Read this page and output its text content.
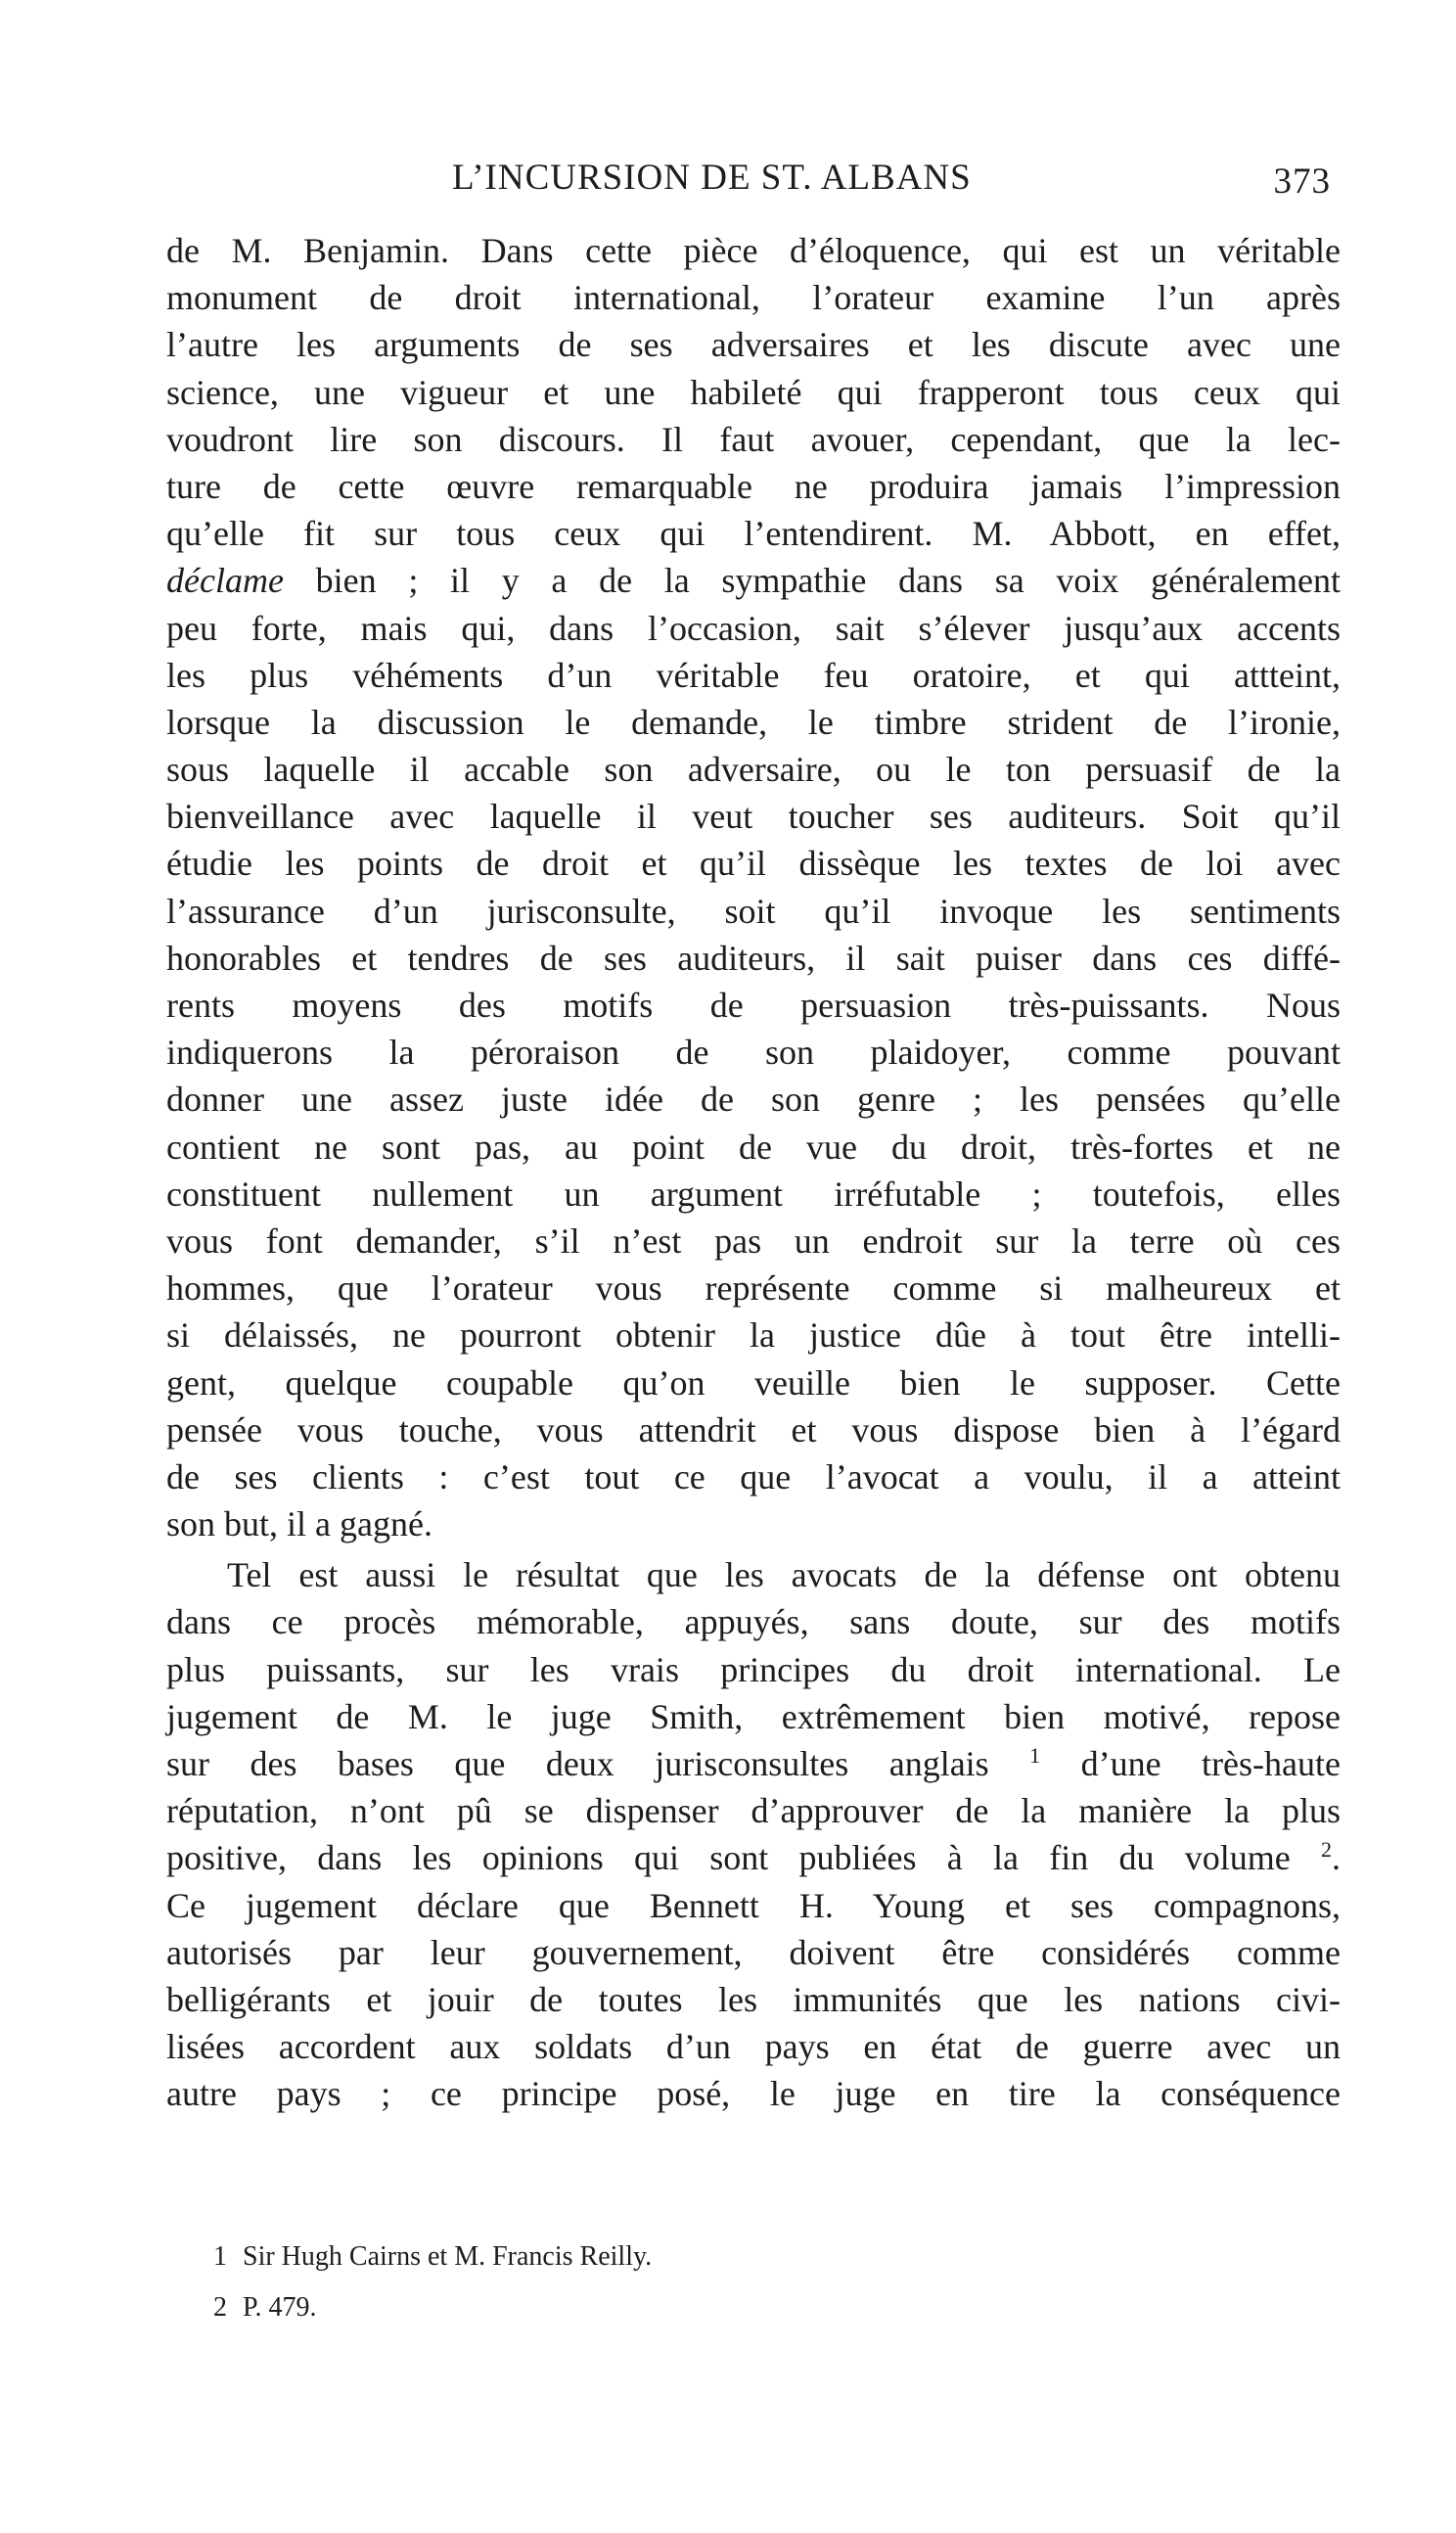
L’INCURSION DE ST. ALBANS	373
de M. Benjamin. Dans cette pièce d’éloquence, qui est un véritable
monument de droit international, l’orateur examine l’un après
l’autre les arguments de ses adversaires et les discute avec une
science, une vigueur et une habileté qui frapperont tous ceux qui
voudront lire son discours. Il faut avouer, cependant, que la lec-
ture de cette œuvre remarquable ne produira jamais l’impression
qu’elle fit sur tous ceux qui l’entendirent. M. Abbott, en effet,
déclame bien ; il y a de la sympathie dans sa voix généralement
peu forte, mais qui, dans l’occasion, sait s’élever jusqu’aux accents
les plus véhéments d’un véritable feu oratoire, et qui attteint,
lorsque la discussion le demande, le timbre strident de l’ironie,
sous laquelle il accable son adversaire, ou le ton persuasif de la
bienveillance avec laquelle il veut toucher ses auditeurs. Soit qu’il
étudie les points de droit et qu’il dissèque les textes de loi avec
l’assurance d’un jurisconsulte, soit qu’il invoque les sentiments
honorables et tendres de ses auditeurs, il sait puiser dans ces diffé-
rents moyens des motifs de persuasion très-puissants. Nous
indiquerons la péroraison de son plaidoyer, comme pouvant
donner une assez juste idée de son genre ; les pensées qu’elle
contient ne sont pas, au point de vue du droit, très-fortes et ne
constituent nullement un argument irréfutable ; toutefois, elles
vous font demander, s’il n’est pas un endroit sur la terre où ces
hommes, que l’orateur vous représente comme si malheureux et
si délaissés, ne pourront obtenir la justice dûe à tout être intelli-
gent, quelque coupable qu’on veuille bien le supposer. Cette
pensée vous touche, vous attendrit et vous dispose bien à l’égard
de ses clients : c’est tout ce que l’avocat a voulu, il a atteint
son but, il a gagné.
Tel est aussi le résultat que les avocats de la défense ont obtenu
dans ce procès mémorable, appuyés, sans doute, sur des motifs
plus puissants, sur les vrais principes du droit international. Le
jugement de M. le juge Smith, extrêmement bien motivé, repose
sur des bases que deux jurisconsultes anglais $^1$ d’une très-haute
réputation, n’ont pû se dispenser d’approuver de la manière la plus
positive, dans les opinions qui sont publiées à la fin du volume $^2$.
Ce jugement déclare que Bennett H. Young et ses compagnons,
autorisés par leur gouvernement, doivent être considérés comme
belligérants et jouir de toutes les immunités que les nations civi-
lisées accordent aux soldats d’un pays en état de guerre avec un
autre pays ; ce principe posé, le juge en tire la conséquence
1 Sir Hugh Cairns et M. Francis Reilly.
2 P. 479.
